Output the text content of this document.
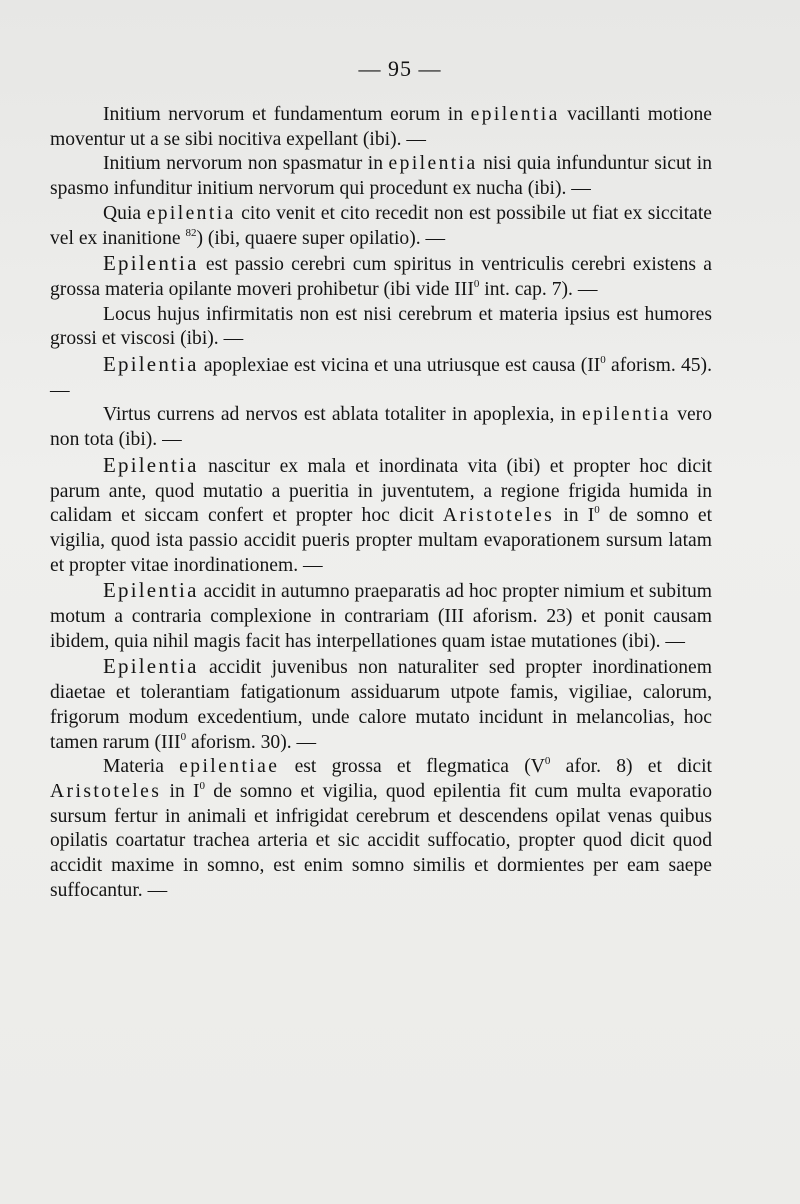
— 95 —

Initium nervorum et fundamentum eorum in epilentia vacillanti motione moventur ut a se sibi nocitiva expellant (ibi). —

Initium nervorum non spasmatur in epilentia nisi quia infunduntur sicut in spasmo infunditur initium nervorum qui procedunt ex nucha (ibi). —

Quia epilentia cito venit et cito recedit non est possibile ut fiat ex siccitate vel ex inanitione $^{82}$) (ibi, quaere super opilatio). —

Epilentia est passio cerebri cum spiritus in ventriculis cerebri existens a grossa materia opilante moveri prohibetur (ibi vide III$^0$ int. cap. 7). —

Locus hujus infirmitatis non est nisi cerebrum et materia ipsius est humores grossi et viscosi (ibi). —

Epilentia apoplexiae est vicina et una utriusque est causa ($II^0$ aforism. 45). —

Virtus currens ad nervos est ablata totaliter in apoplexia, in epilentia vero non tota (ibi). —

Epilentia nascitur ex mala et inordinata vita (ibi) et propter hoc dicit parum ante, quod mutatio a pueritia in juventutem, a regione frigida humida in calidam et siccam confert et propter hoc dicit Aristoteles in $I^0$ de somno et vigilia, quod ista passio accidit pueris propter multam evaporationem sursum latam et propter vitae inordinationem. —

Epilentia accidit in autumno praeparatis ad hoc propter nimium et subitum motum a contraria complexione in contrariam (III aforism. 23) et ponit causam ibidem, quia nihil magis facit has interpellationes quam istae mutationes (ibi). —

Epilentia accidit juvenibus non naturaliter sed propter inordinationem diaetae et tolerantiam fatigationum assiduarum utpote famis, vigiliae, calorum, frigorum modum excedentium, unde calore mutato incidunt in melancolias, hoc tamen rarum (III$^0$ aforism. 30). —

Materia epilentiae est grossa et flegmatica ($V^0$ afor. 8) et dicit Aristoteles in $I^0$ de somno et vigilia, quod epilentia fit cum multa evaporatio sursum fertur in animali et infrigidat cerebrum et descendens opilat venas quibus opilatis coartatur trachea arteria et sic accidit suffocatio, propter quod dicit quod accidit maxime in somno, est enim somno similis et dormientes per eam saepe suffocantur. —
